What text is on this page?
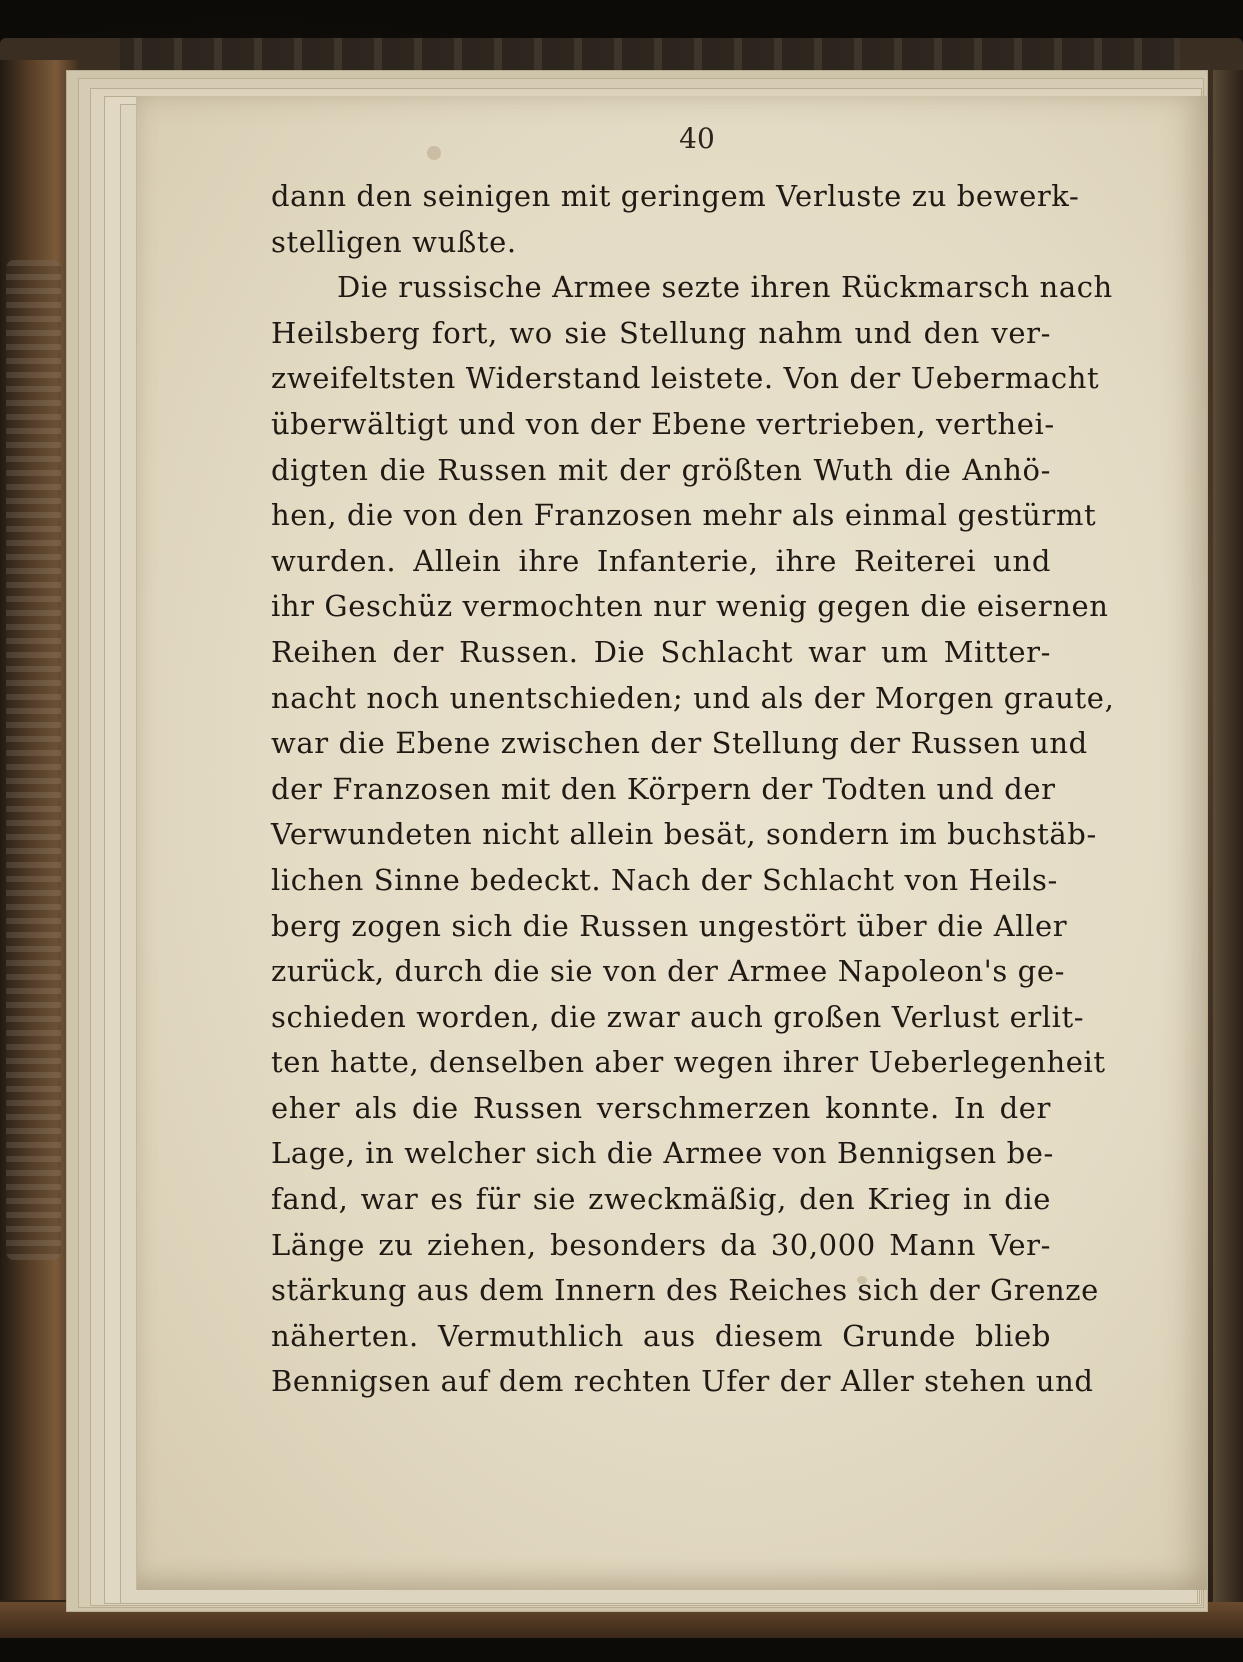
40
dann den seinigen mit geringem Verluste zu bewerk-
stelligen wußte.
Die russische Armee sezte ihren Rückmarsch nach
Heilsberg fort, wo sie Stellung nahm und den ver-
zweifeltsten Widerstand leistete. Von der Uebermacht
überwältigt und von der Ebene vertrieben, verthei-
digten die Russen mit der größten Wuth die Anhö-
hen, die von den Franzosen mehr als einmal gestürmt
wurden. Allein ihre Infanterie, ihre Reiterei und
ihr Geschüz vermochten nur wenig gegen die eisernen
Reihen der Russen. Die Schlacht war um Mitter-
nacht noch unentschieden; und als der Morgen graute,
war die Ebene zwischen der Stellung der Russen und
der Franzosen mit den Körpern der Todten und der
Verwundeten nicht allein besät, sondern im buchstäb-
lichen Sinne bedeckt. Nach der Schlacht von Heils-
berg zogen sich die Russen ungestört über die Aller
zurück, durch die sie von der Armee Napoleon's ge-
schieden worden, die zwar auch großen Verlust erlit-
ten hatte, denselben aber wegen ihrer Ueberlegenheit
eher als die Russen verschmerzen konnte. In der
Lage, in welcher sich die Armee von Bennigsen be-
fand, war es für sie zweckmäßig, den Krieg in die
Länge zu ziehen, besonders da 30,000 Mann Ver-
stärkung aus dem Innern des Reiches sich der Grenze
näherten. Vermuthlich aus diesem Grunde blieb
Bennigsen auf dem rechten Ufer der Aller stehen und
